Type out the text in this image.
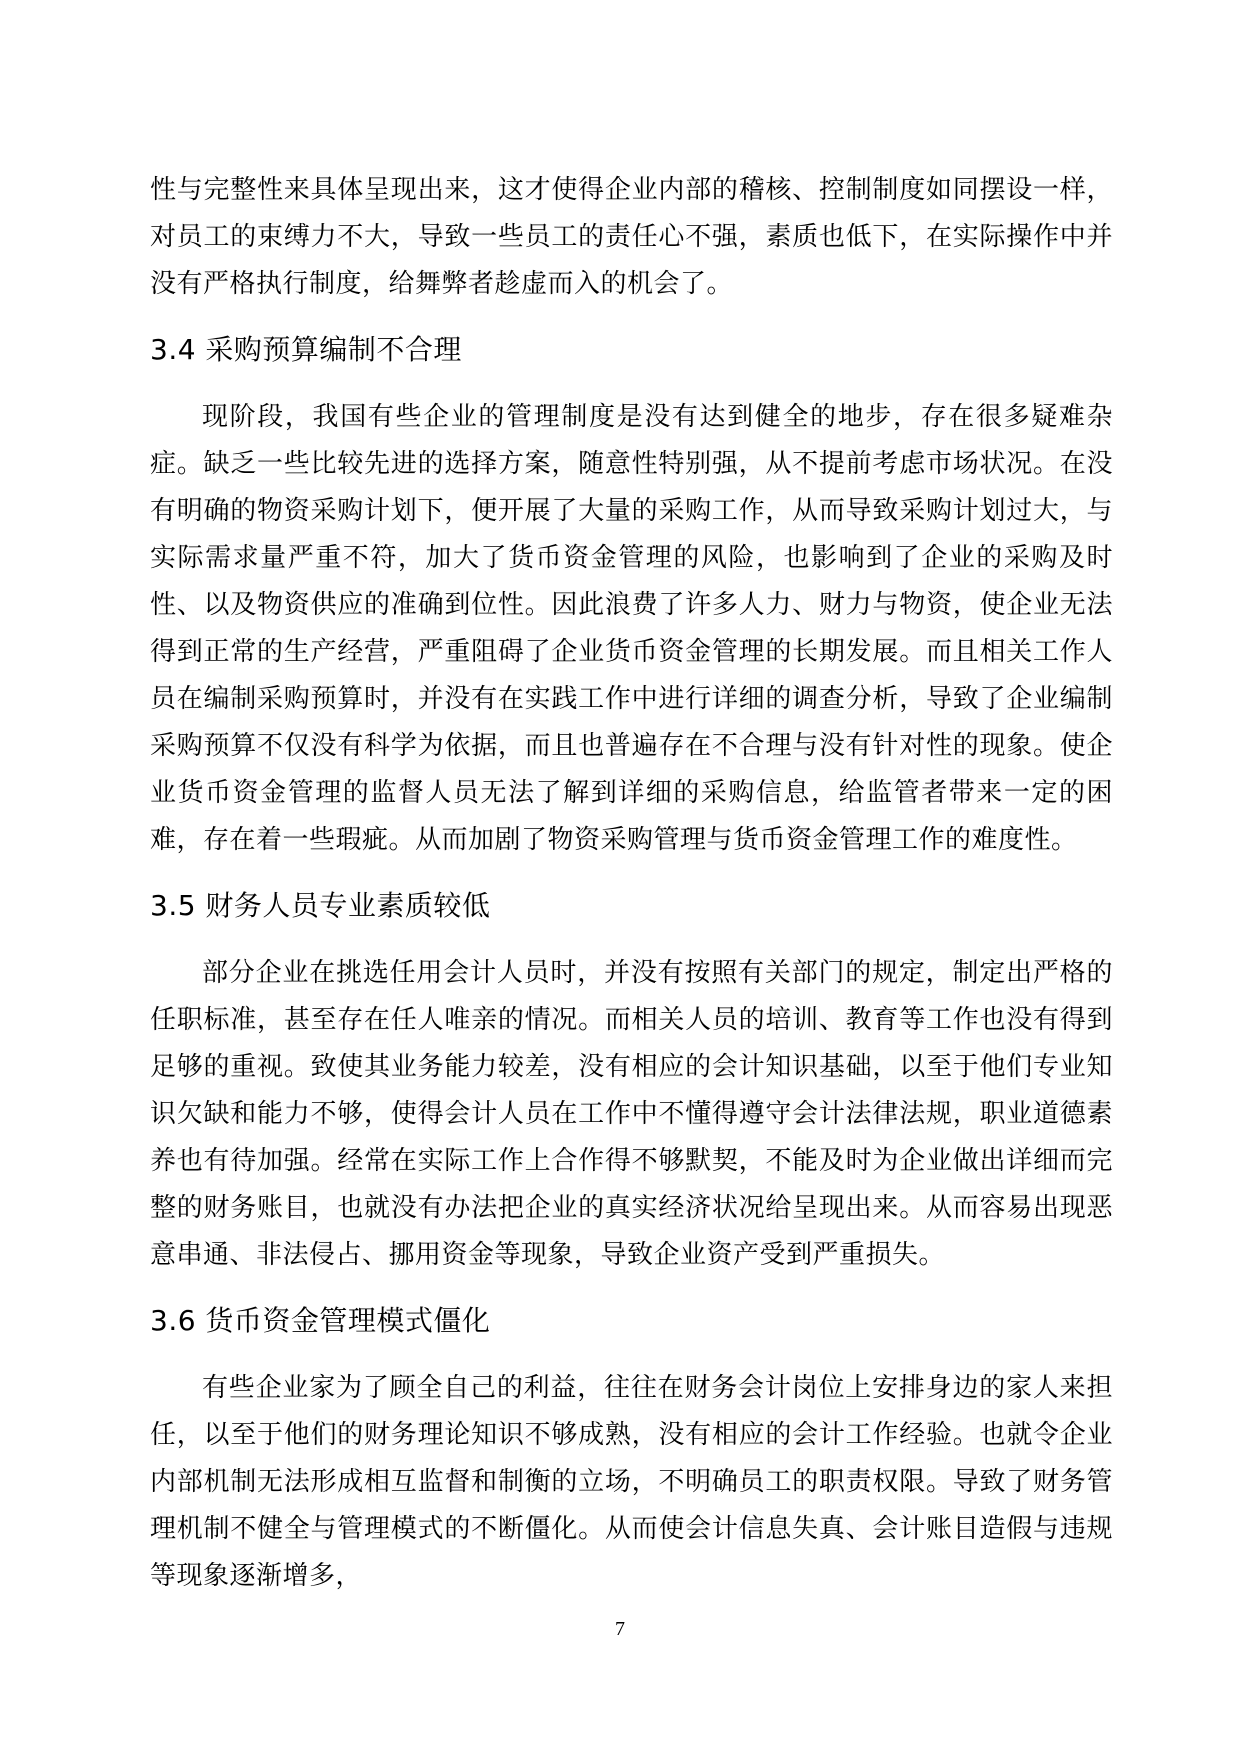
性与完整性来具体呈现出来，这才使得企业内部的稽核、控制制度如同摆设一样，对员工的束缚力不大，导致一些员工的责任心不强，素质也低下，在实际操作中并没有严格执行制度，给舞弊者趁虚而入的机会了。

3.4 采购预算编制不合理

现阶段，我国有些企业的管理制度是没有达到健全的地步，存在很多疑难杂症。缺乏一些比较先进的选择方案，随意性特别强，从不提前考虑市场状况。在没有明确的物资采购计划下，便开展了大量的采购工作，从而导致采购计划过大，与实际需求量严重不符，加大了货币资金管理的风险，也影响到了企业的采购及时性、以及物资供应的准确到位性。因此浪费了许多人力、财力与物资，使企业无法得到正常的生产经营，严重阻碍了企业货币资金管理的长期发展。而且相关工作人员在编制采购预算时，并没有在实践工作中进行详细的调查分析，导致了企业编制采购预算不仅没有科学为依据，而且也普遍存在不合理与没有针对性的现象。使企业货币资金管理的监督人员无法了解到详细的采购信息，给监管者带来一定的困难，存在着一些瑕疵。从而加剧了物资采购管理与货币资金管理工作的难度性。

3.5 财务人员专业素质较低

部分企业在挑选任用会计人员时，并没有按照有关部门的规定，制定出严格的任职标准，甚至存在任人唯亲的情况。而相关人员的培训、教育等工作也没有得到足够的重视。致使其业务能力较差，没有相应的会计知识基础，以至于他们专业知识欠缺和能力不够，使得会计人员在工作中不懂得遵守会计法律法规，职业道德素养也有待加强。经常在实际工作上合作得不够默契，不能及时为企业做出详细而完整的财务账目，也就没有办法把企业的真实经济状况给呈现出来。从而容易出现恶意串通、非法侵占、挪用资金等现象，导致企业资产受到严重损失。

3.6 货币资金管理模式僵化

有些企业家为了顾全自己的利益，往往在财务会计岗位上安排身边的家人来担任，以至于他们的财务理论知识不够成熟，没有相应的会计工作经验。也就令企业内部机制无法形成相互监督和制衡的立场，不明确员工的职责权限。导致了财务管理机制不健全与管理模式的不断僵化。从而使会计信息失真、会计账目造假与违规等现象逐渐增多，

7
